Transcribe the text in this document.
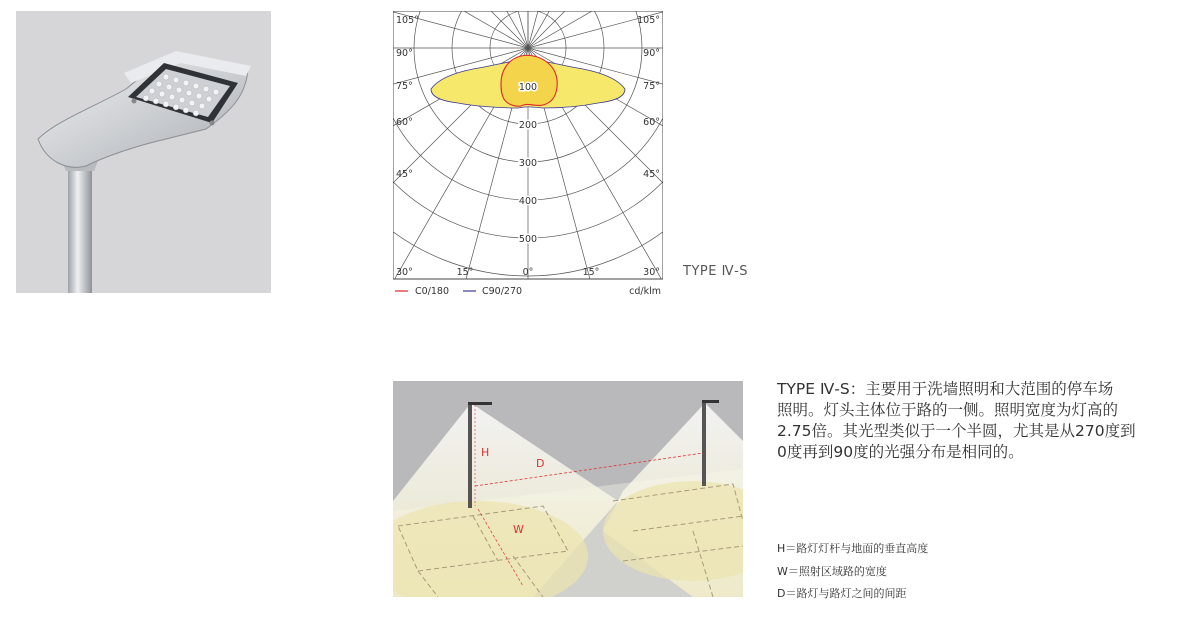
105°
90°
75°
60°
45°
30°
105°
90°
75°
60°
45°
30°
15°	0°	15°
100
200
300
400
500
C0/180	C90/270	cd/klm
TYPE Ⅳ-S
H
D
W
TYPE Ⅳ-S：主要用于洗墙照明和大范围的停车场
照明。灯头主体位于路的一侧。照明宽度为灯高的
2.75倍。其光型类似于一个半圆，尤其是从270度到
0度再到90度的光强分布是相同的。
H＝路灯灯杆与地面的垂直高度
W＝照射区域路的宽度
D＝路灯与路灯之间的间距
